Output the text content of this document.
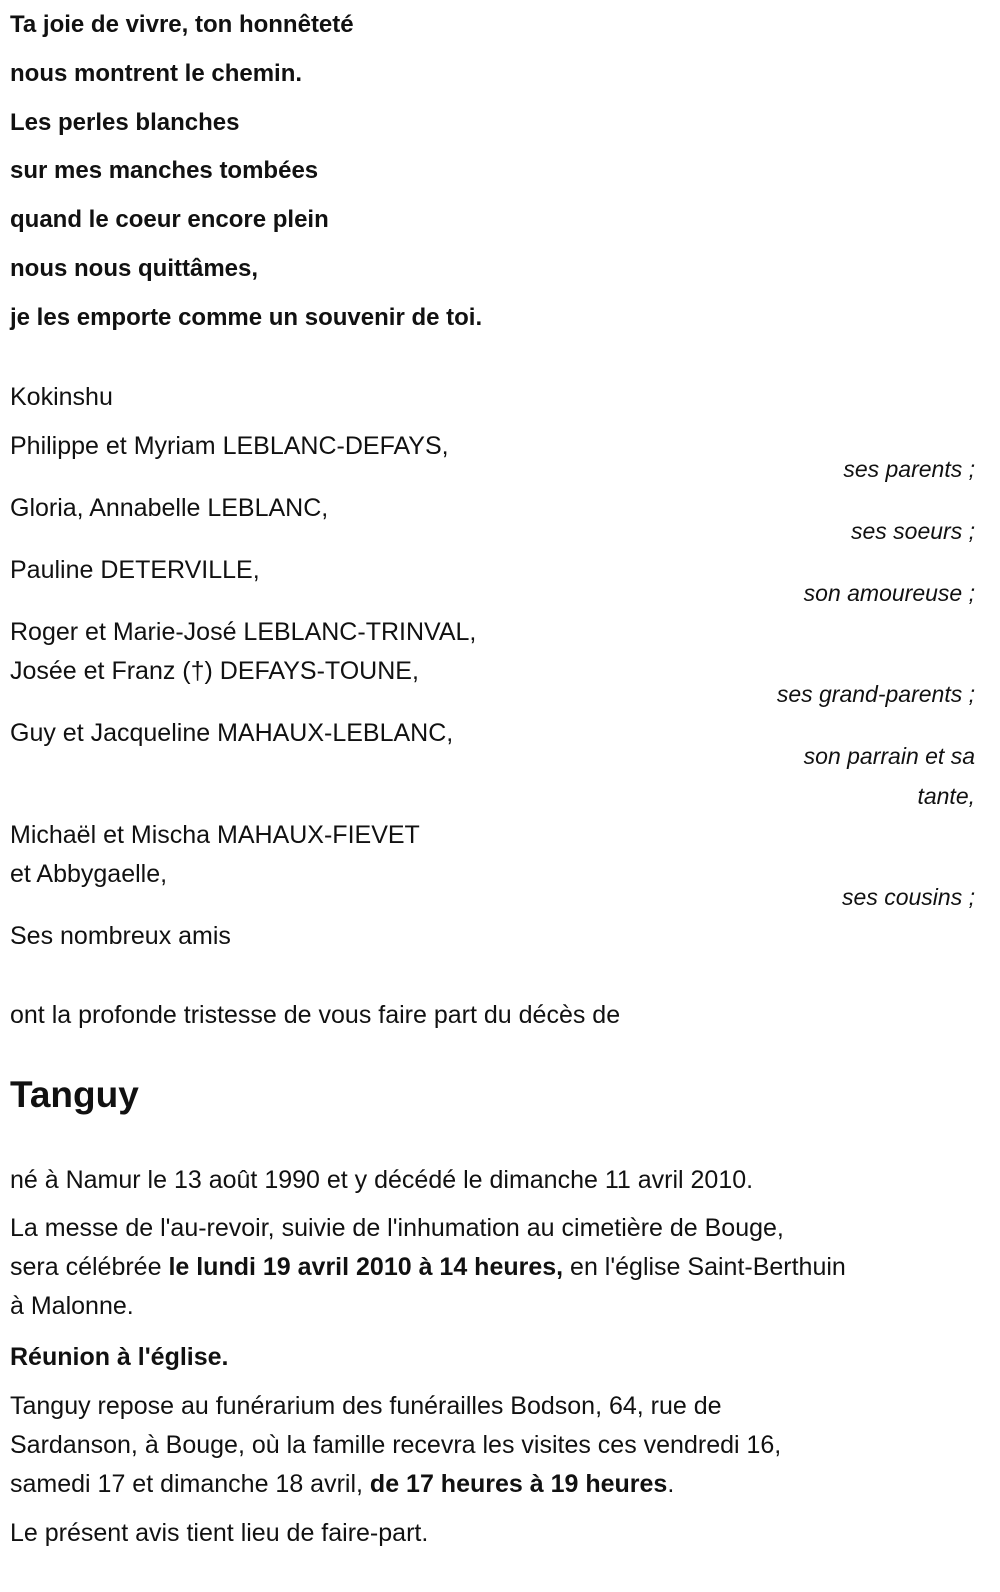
Ta joie de vivre, ton honnêteté
nous montrent le chemin.
Les perles blanches
sur mes manches tombées
quand le coeur encore plein
nous nous quittâmes,
je les emporte comme un souvenir de toi.
Kokinshu
Philippe et Myriam LEBLANC-DEFAYS,
ses parents ;
Gloria, Annabelle LEBLANC,
ses soeurs ;
Pauline DETERVILLE,
son amoureuse ;
Roger et Marie-José LEBLANC-TRINVAL,
Josée et Franz (†) DEFAYS-TOUNE,
ses grand-parents ;
Guy et Jacqueline MAHAUX-LEBLANC,
son parrain et sa
tante,
Michaël et Mischa MAHAUX-FIEVET
et Abbygaelle,
ses cousins ;
Ses nombreux amis
ont la profonde tristesse de vous faire part du décès de
Tanguy
né à Namur le 13 août 1990 et y décédé le dimanche 11 avril 2010.
La messe de l'au-revoir, suivie de l'inhumation au cimetière de Bouge,
sera célébrée le lundi 19 avril 2010 à 14 heures, en l'église Saint-Berthuin
à Malonne.
Réunion à l'église.
Tanguy repose au funérarium des funérailles Bodson, 64, rue de
Sardanson, à Bouge, où la famille recevra les visites ces vendredi 16,
samedi 17 et dimanche 18 avril, de 17 heures à 19 heures.
Le présent avis tient lieu de faire-part.
